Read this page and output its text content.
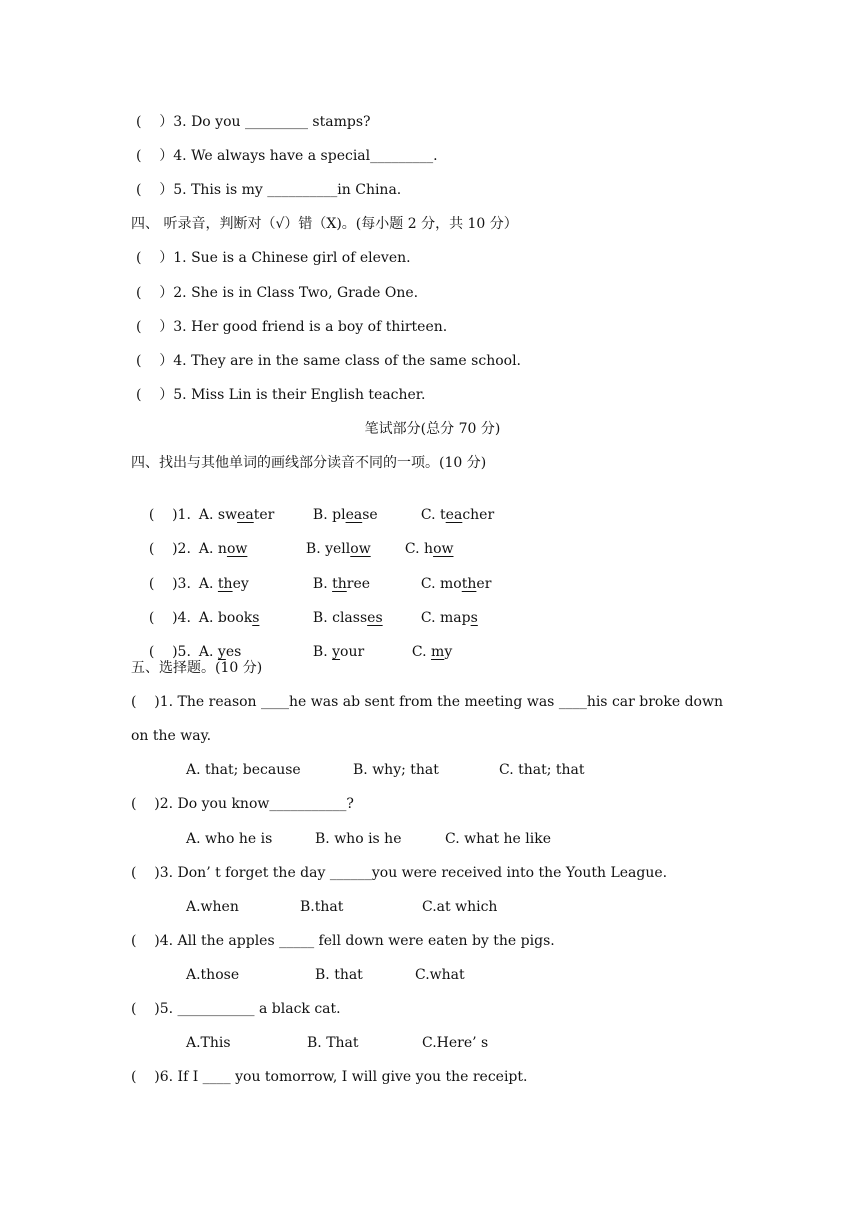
(    ）3. Do you _________ stamps?
(    ）4. We always have a special_________.
(    ）5. This is my __________in China.
四、 听录音，判断对（√）错（X)。(每小题 2 分，共 10 分）
(    ）1. Sue is a Chinese girl of eleven.
(    ）2. She is in Class Two, Grade One.
(    ）3. Her good friend is a boy of thirteen.
(    ）4. They are in the same class of the same school.
(    ）5. Miss Lin is their English teacher.
笔试部分(总分 70 分)
四、找出与其他单词的画线部分读音不同的一项。(10 分)

(    )1. A. sweater	B. please	C. teacher

(    )2. A. now	B. yellow C. how

(    )3. A. they	B. three	C. mother

(    )4. A. books	B. classes	C. maps

(    )5. A. yes	B. your	C. my

五、选择题。(10 分)
(    )1. The reason ____he was ab sent from the meeting was ____his car broke down
on the way.
A. that; because	B. why; that	C. that; that
(    )2. Do you know___________?
A. who he is	B. who is he	C. what he like
(    )3. Don’ t forget the day ______you were received into the Youth League.
A.when	B.that	C.at which
(    )4. All the apples _____ fell down were eaten by the pigs.
A.those	B. that	C.what
(    )5. ___________ a black cat.
A.This	B. That	C.Here’ s
(    )6. If I ____ you tomorrow, I will give you the receipt.
